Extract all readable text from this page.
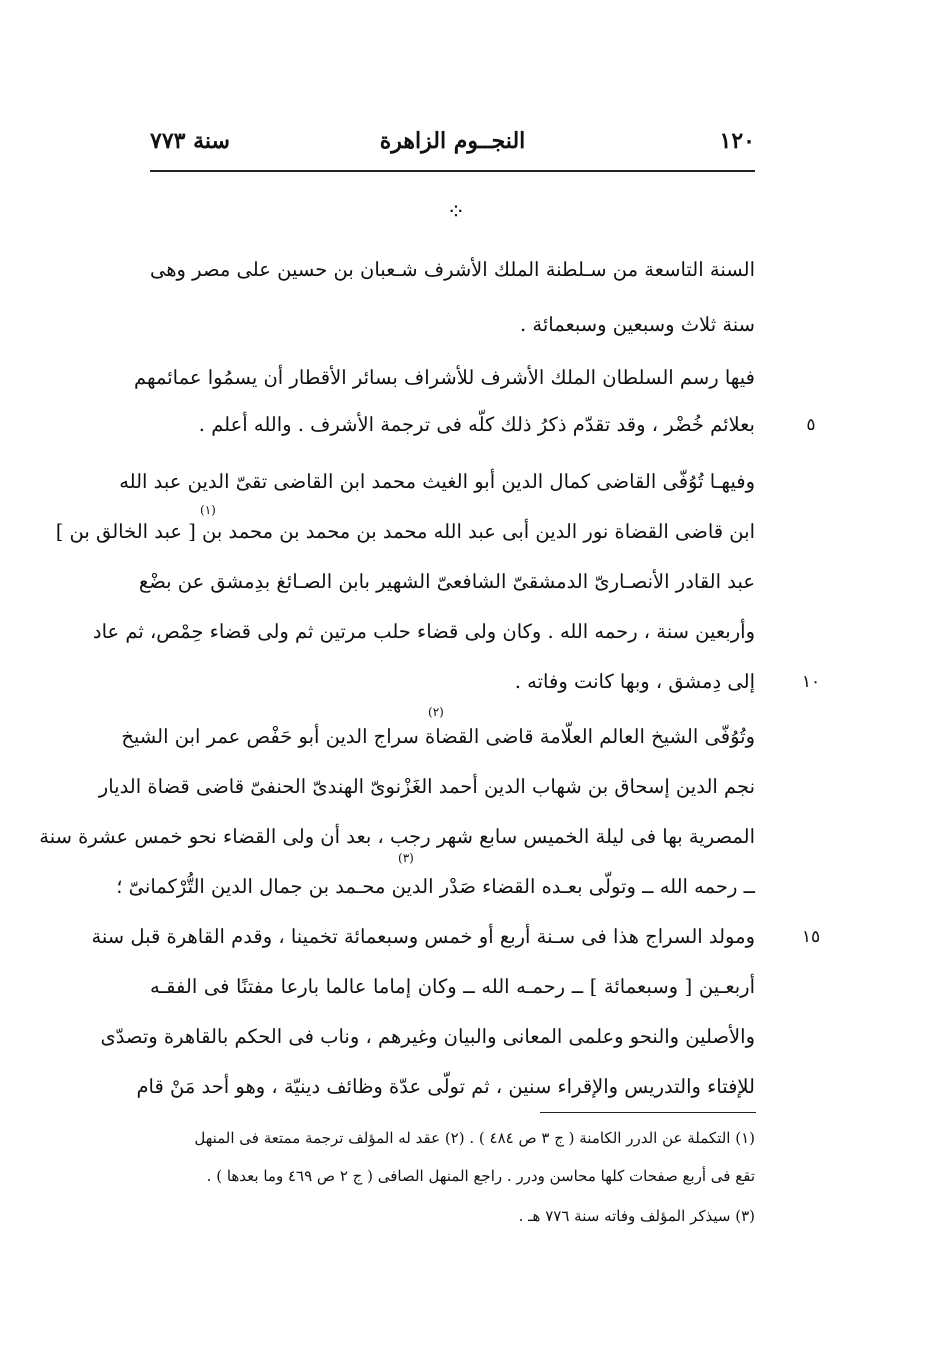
١٢٠
النجــوم الزاهرة
سنة ٧٧٣
⁘
السنة التاسعة من سـلطنة الملك الأشرف شـعبان بن حسين على مصر وهى
سنة ثلاث وسبعين وسبعمائة .
فيها رسم السلطان الملك الأشرف للأشراف بسائر الأقطار أن يسمُوا عمائمهم
بعلائم خُضْر ، وقد تقدّم ذكرُ ذلك كلّه فى ترجمة الأشرف . والله أعلم .
وفيهـا تُوُفّى القاضى كمال الدين أبو الغيث محمد ابن القاضى تقىّ الدين عبد الله
ابن قاضى القضاة نور الدين أبى عبد الله محمد بن محمد بن محمد بن [ عبد الخالق بن ]
عبد القادر الأنصـارىّ الدمشقىّ الشافعىّ الشهير بابن الصـائغ بدِمشق عن بضْع
وأربعين سنة ، رحمه الله . وكان ولى قضاء حلب مرتين ثم ولى قضاء حِمْص، ثم عاد
إلى دِمشق ، وبها كانت وفاته .
وتُوُفّى الشيخ العالم العلّامة قاضى القضاة سراج الدين أبو حَفْص عمر ابن الشيخ
نجم الدين إسحاق بن شهاب الدين أحمد الغَزْنوىّ الهندىّ الحنفىّ قاضى قضاة الديار
المصرية بها فى ليلة الخميس سابع شهر رجب ، بعد أن ولى القضاء نحو خمس عشرة سنة
ــ رحمه الله ــ وتولّى بعـده القضاء صَدْر الدين محـمد بن جمال الدين التُّرْكمانىّ ؛
ومولد السراج هذا فى سـنة أربع أو خمس وسبعمائة تخمينا ، وقدم القاهرة قبل سنة
أربعـين [ وسبعمائة ] ــ رحمـه الله ــ وكان إماما عالما بارعا مفتنًا فى الفقـه
والأصلين والنحو وعلمى المعانى والبيان وغيرهم ، وناب فى الحكم بالقاهرة وتصدّى
للإفتاء والتدريس والإقراء سنين ، ثم تولّى عدّة وظائف دينيّة ، وهو أحد مَنْ قام
٥
١٠
١٥
(١)
(٢)
(٣)
(١) التكملة عن الدرر الكامنة ( ج ٣ ص ٤٨٤ ) . (٢) عقد له المؤلف ترجمة ممتعة فى المنهل
تقع فى أربع صفحات كلها محاسن ودرر . راجع المنهل الصافى ( ج ٢ ص ٤٦٩ وما بعدها ) .
(٣) سيذكر المؤلف وفاته سنة ٧٧٦ هـ .
